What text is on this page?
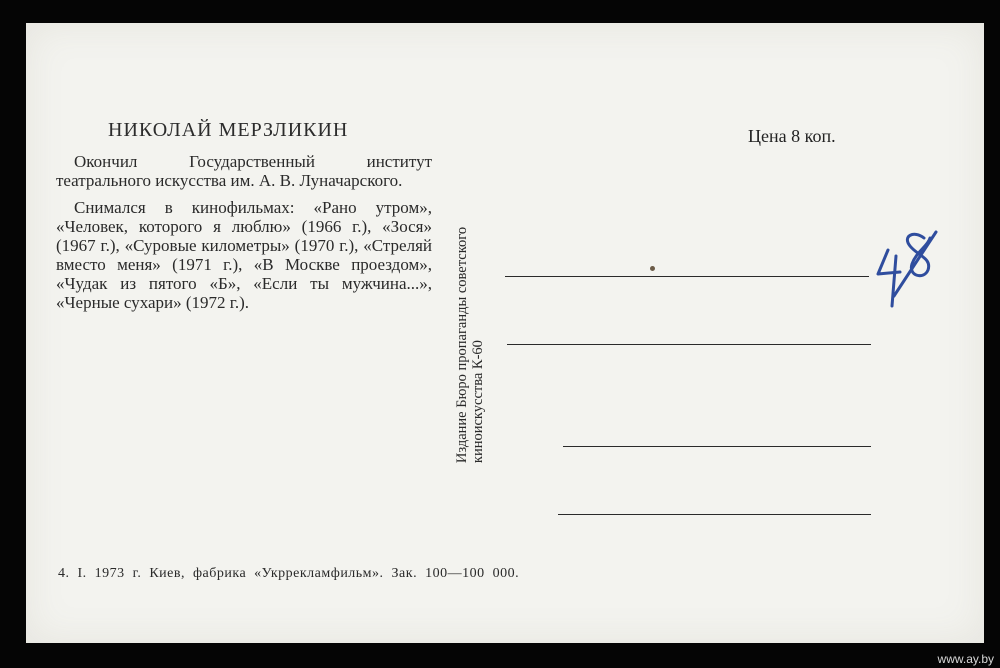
НИКОЛАЙ МЕРЗЛИКИН	Цена 8 коп.

Окончил Государственный институт театрального искусства им. А. В. Луначарского.

Снимался в кинофильмах: «Рано утром», «Человек, которого я люблю» (1966 г.), «Зося» (1967 г.), «Суровые километры» (1970 г.), «Стреляй вместо меня» (1971 г.), «В Москве проездом», «Чудак из пятого «Б», «Если ты мужчина...», «Черные сухари» (1972 г.).	Издание Бюро пропаганды советского киноискусства К-60
4. I. 1973 г. Киев, фабрика «Укррекламфильм». Зак. 100—100 000.
www.ay.by
